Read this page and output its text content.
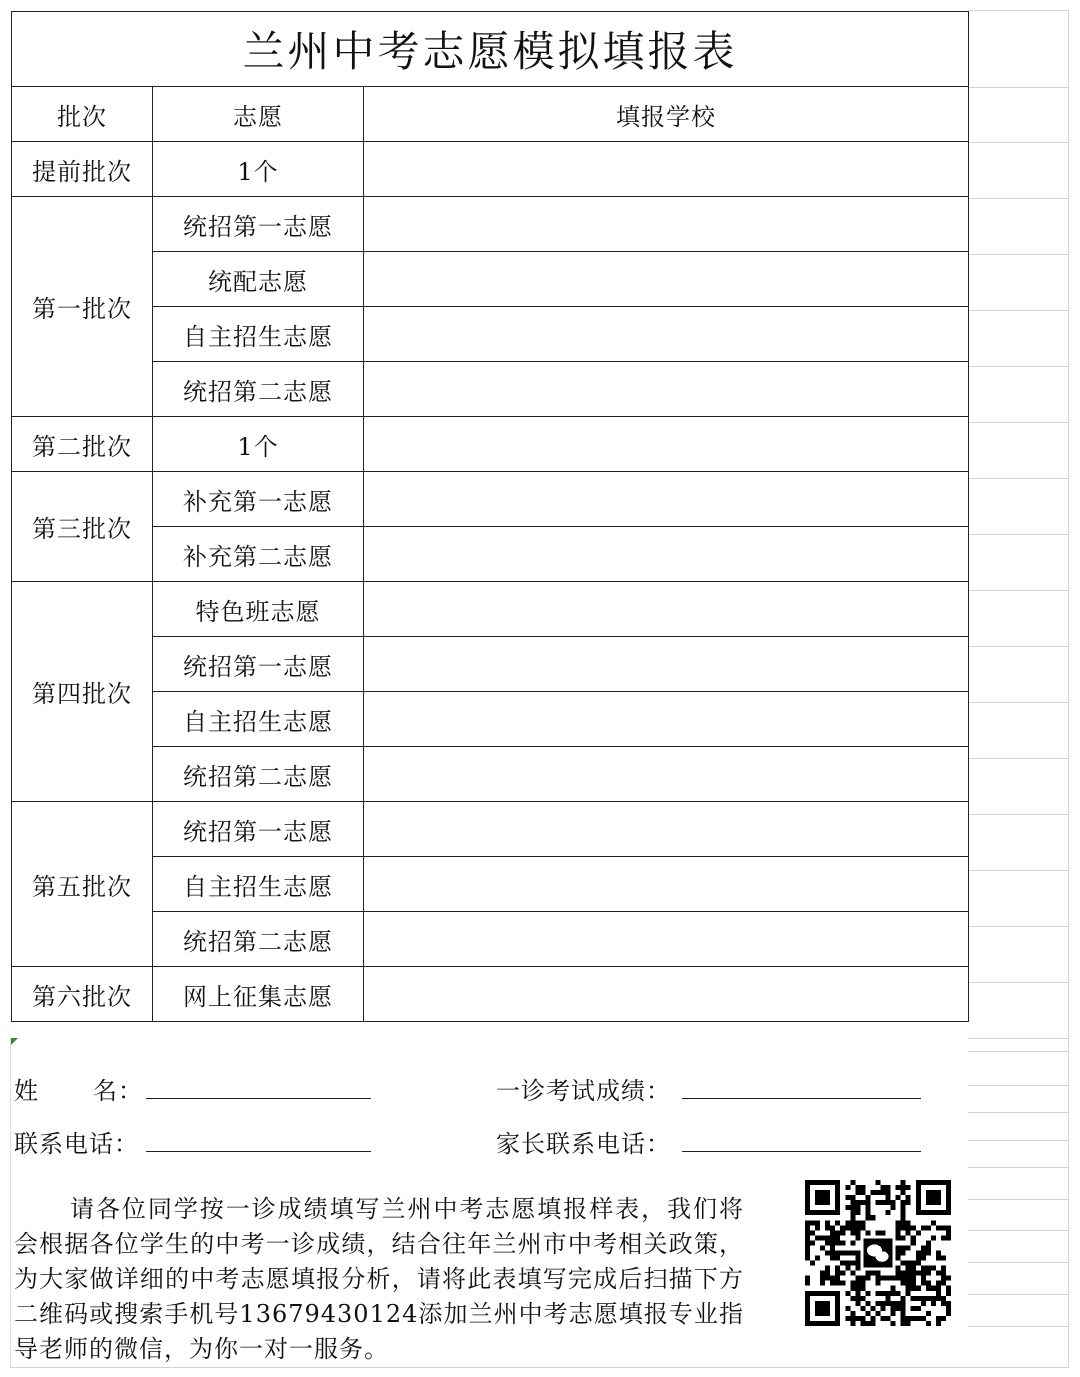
兰州中考志愿模拟填报表		
批次	志愿	填报学校
提前批次	1个	
第一批次	统招第一志愿	
	统配志愿	
	自主招生志愿	
	统招第二志愿	
第二批次	1个	
第三批次	补充第一志愿	
	补充第二志愿	
第四批次	特色班志愿	
	统招第一志愿	
	自主招生志愿	
	统招第二志愿	
第五批次	统招第一志愿	
	自主招生志愿	
	统招第二志愿	
第六批次	网上征集志愿	
姓 名：	一诊考试成绩：
联系电话：	家长联系电话：
请各位同学按一诊成绩填写兰州中考志愿填报样表，我们将会根据各位学生的中考一诊成绩，结合往年兰州市中考相关政策，为大家做详细的中考志愿填报分析，请将此表填写完成后扫描下方二维码或搜索手机号13679430124添加兰州中考志愿填报专业指导老师的微信，为你一对一服务。
